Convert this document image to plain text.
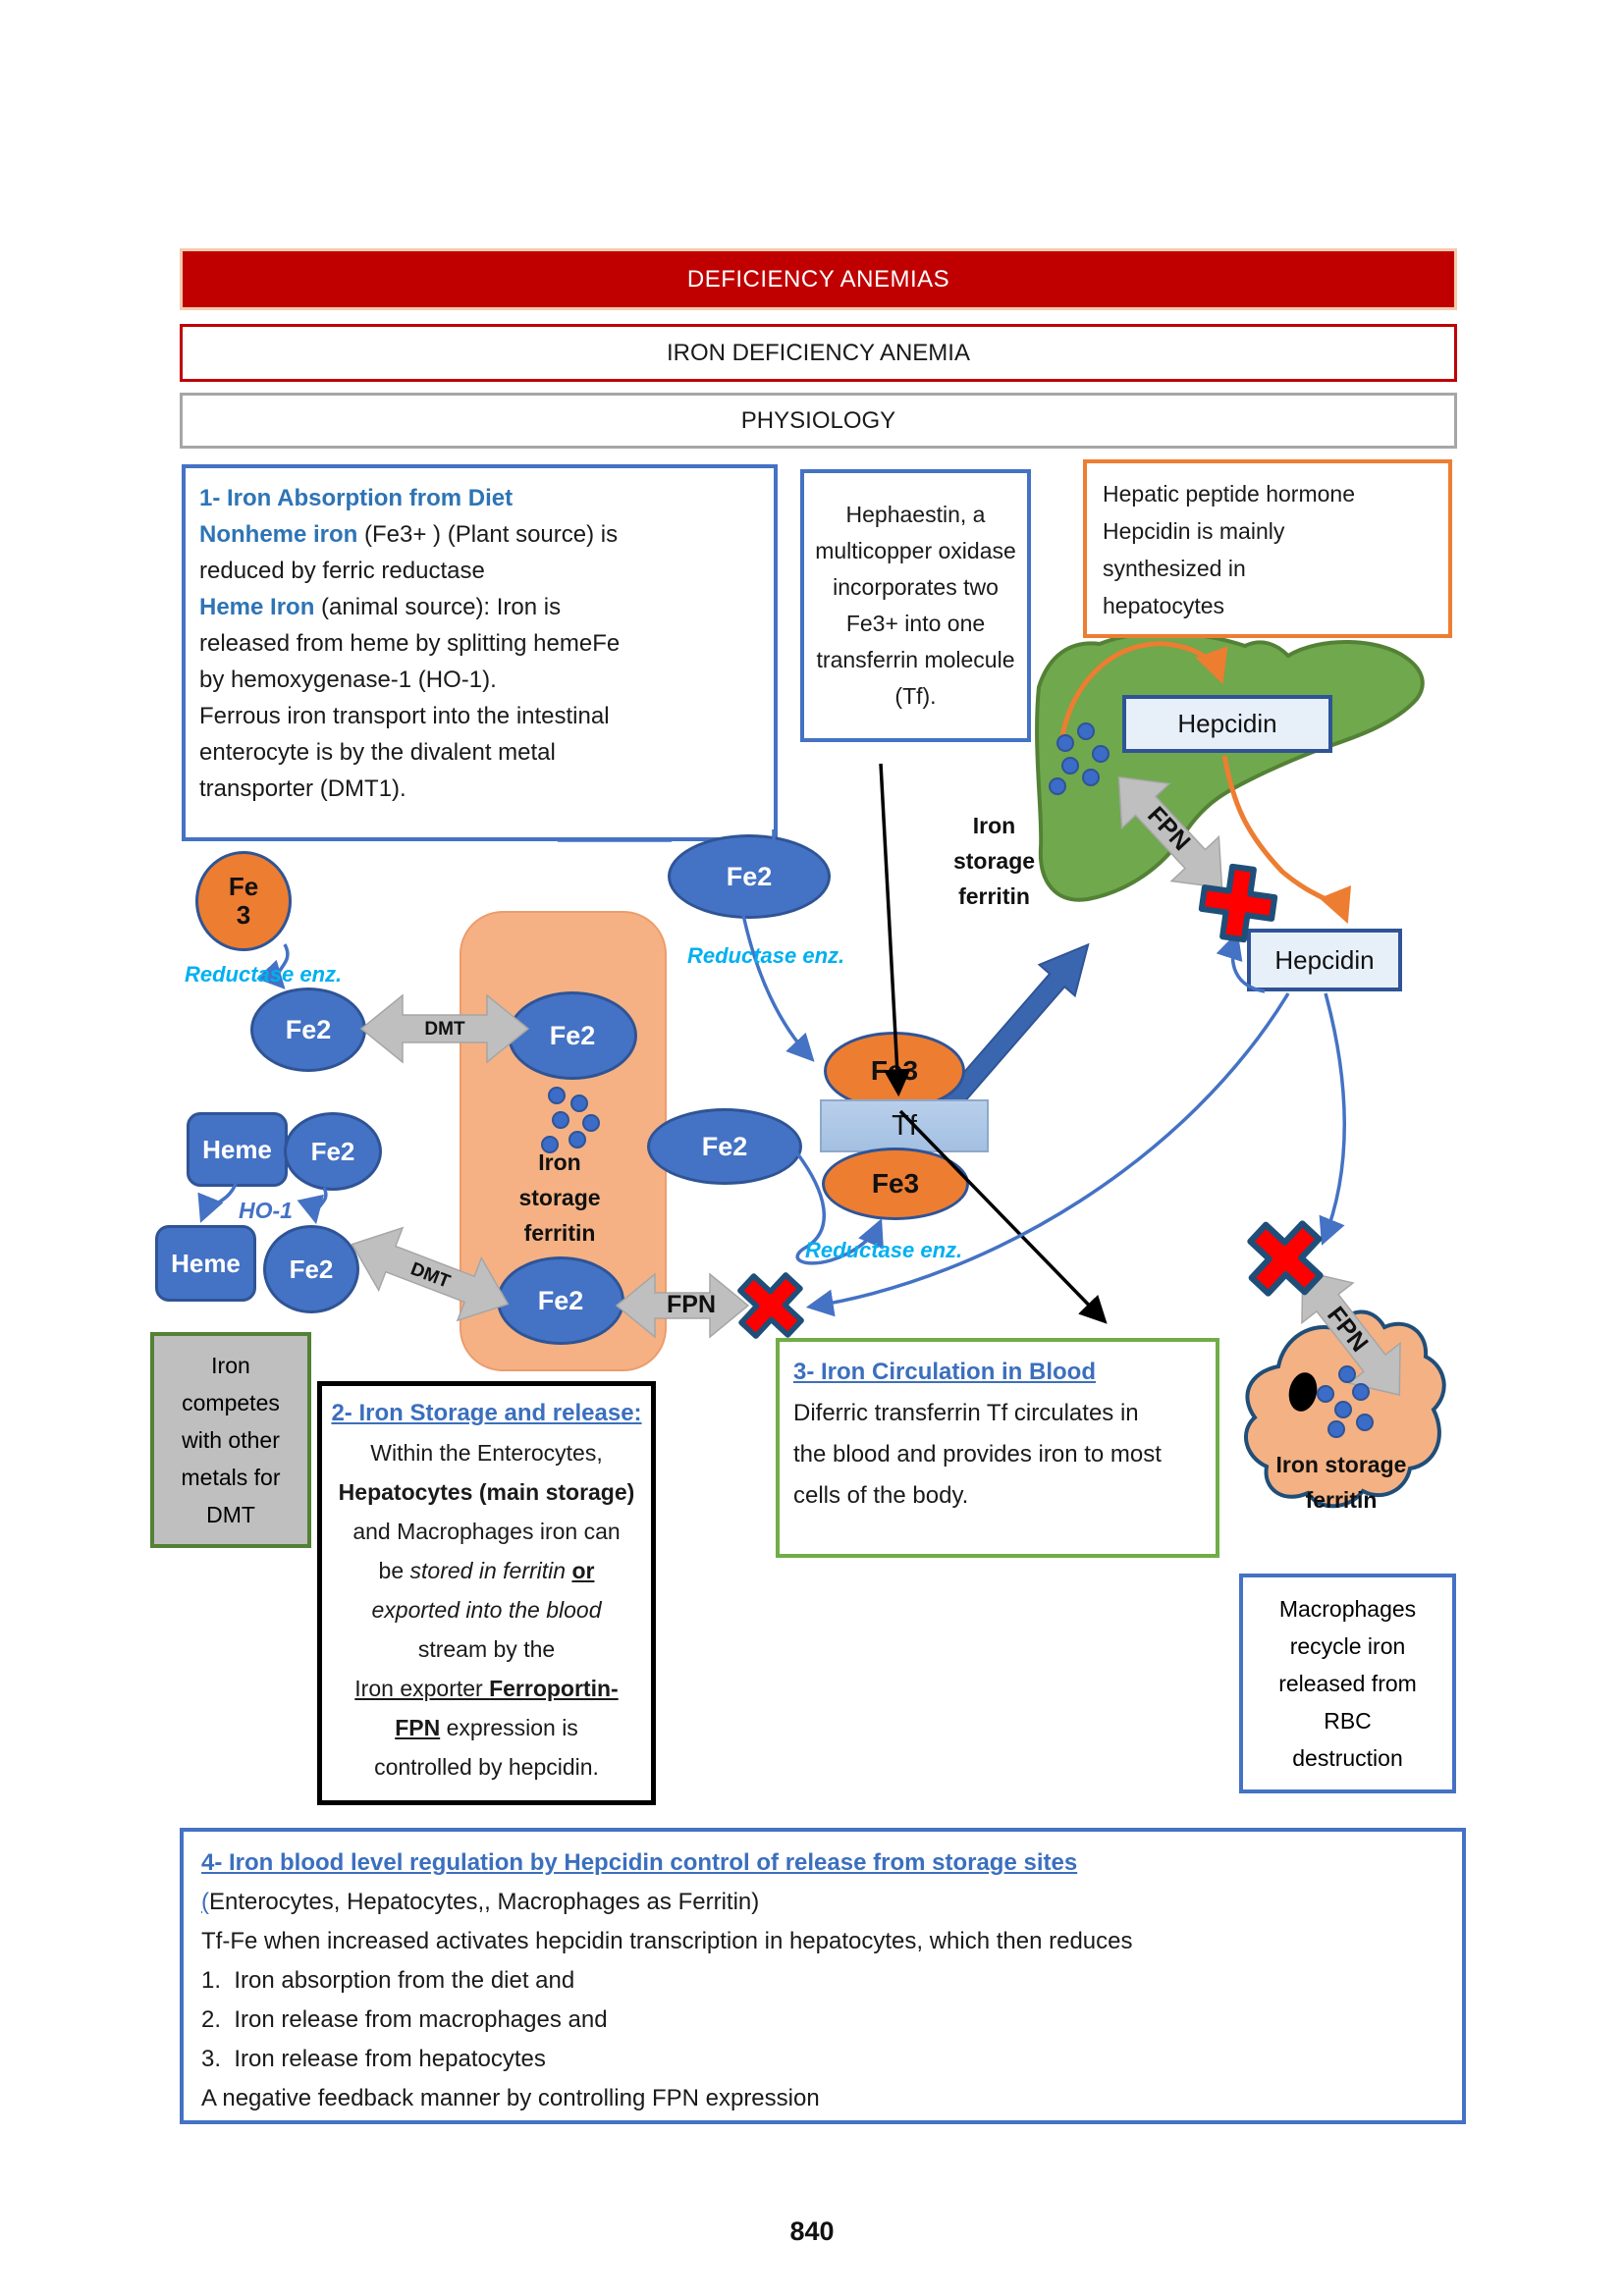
DEFICIENCY ANEMIAS
IRON DEFICIENCY ANEMIA
PHYSIOLOGY
1- Iron Absorption from Diet
Nonheme iron (Fe3+ ) (Plant source) is
reduced by ferric reductase
Heme Iron (animal source): Iron is
released from heme by splitting hemeFe
by hemoxygenase-1 (HO-1).
Ferrous iron transport into the intestinal
enterocyte is by the divalent metal
transporter (DMT1).
Hephaestin, a multicopper oxidase incorporates two Fe3+ into one transferrin molecule (Tf).
Hepatic peptide hormone Hepcidin is mainly synthesized in hepatocytes
Iron competes with other metals for DMT
2- Iron Storage and release:
Within the Enterocytes,
Hepatocytes (main storage)
and Macrophages iron can
be stored in ferritin or
exported into the blood
stream by the
Iron exporter Ferroportin-
FPN expression is
controlled by hepcidin.
3- Iron Circulation in Blood
Diferric transferrin Tf circulates in the blood and provides iron to most cells of the body.
Macrophages recycle iron released from RBC destruction
4- Iron blood level regulation by Hepcidin control of release from storage sites
(Enterocytes, Hepatocytes,, Macrophages as Ferritin)
Tf-Fe when increased activates hepcidin transcription in hepatocytes, which then reduces
1.  Iron absorption from the diet and
2.  Iron release from macrophages and
3.  Iron release from hepatocytes
A negative feedback manner by controlling FPN expression
Fe
3
Fe2	Fe2
Heme Fe2
Heme Fe2
Fe2
Fe2
Fe2
Fe3
Tf
Fe3
Hepcidin
Hepcidin
Reductase enz.
Reductase enz.
Reductase enz.
HO-1
DMT
DMT
FPN
FPN
FPN
Iron storage ferritin
Iron storage ferritin
Iron storage ferritin
840
